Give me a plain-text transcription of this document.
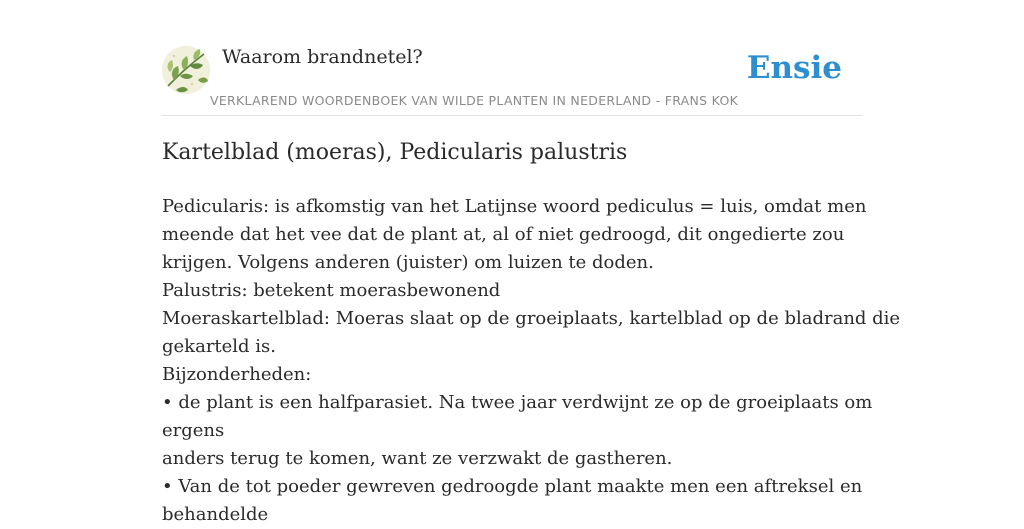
Waarom brandnetel?
VERKLAREND WOORDENBOEK VAN WILDE PLANTEN IN NEDERLAND - FRANS KOK
Ensie
Kartelblad (moeras), Pedicularis palustris
Pedicularis: is afkomstig van het Latijnse woord pediculus = luis, omdat men
meende dat het vee dat de plant at, al of niet gedroogd, dit ongedierte zou
krijgen. Volgens anderen (juister) om luizen te doden.
Palustris: betekent moerasbewonend
Moeraskartelblad: Moeras slaat op de groeiplaats, kartelblad op de bladrand die
gekarteld is.
Bijzonderheden:
• de plant is een halfparasiet. Na twee jaar verdwijnt ze op de groeiplaats om
ergens
anders terug te komen, want ze verzwakt de gastheren.
• Van de tot poeder gewreven gedroogde plant maakte men een aftreksel en
behandelde
